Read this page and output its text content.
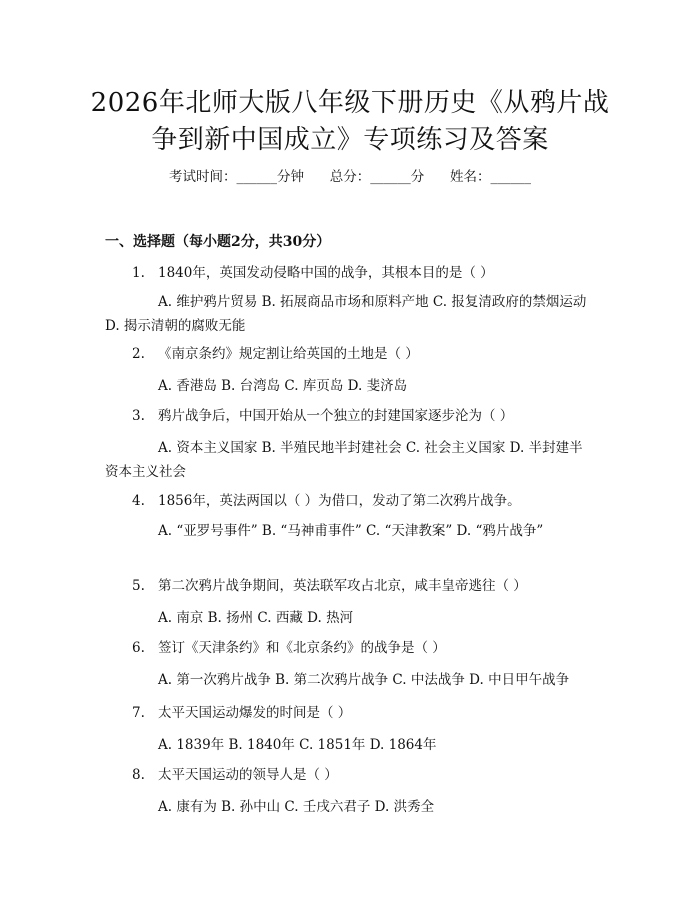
2026年北师大版八年级下册历史《从鸦片战
争到新中国成立》专项练习及答案
考试时间：______分钟      总分：______分      姓名：______
一、选择题（每小题2分，共30分）
1. 1840年，英国发动侵略中国的战争，其根本目的是（ ）
A. 维护鸦片贸易 B. 拓展商品市场和原料产地 C. 报复清政府的禁烟运动 D. 揭示清朝的腐败无能
2. 《南京条约》规定割让给英国的土地是（ ）
A. 香港岛 B. 台湾岛 C. 库页岛 D. 斐济岛
3. 鸦片战争后，中国开始从一个独立的封建国家逐步沦为（ ）
A. 资本主义国家 B. 半殖民地半封建社会 C. 社会主义国家 D. 半封建半资本主义社会
4. 1856年，英法两国以（ ）为借口，发动了第二次鸦片战争。
A. “亚罗号事件” B. “马神甫事件” C. “天津教案” D. “鸦片战争”
5. 第二次鸦片战争期间，英法联军攻占北京，咸丰皇帝逃往（ ）
A. 南京 B. 扬州 C. 西藏 D. 热河
6. 签订《天津条约》和《北京条约》的战争是（ ）
A. 第一次鸦片战争 B. 第二次鸦片战争 C. 中法战争 D. 中日甲午战争
7. 太平天国运动爆发的时间是（ ）
A. 1839年 B. 1840年 C. 1851年 D. 1864年
8. 太平天国运动的领导人是（ ）
A. 康有为 B. 孙中山 C. 壬戌六君子 D. 洪秀全
